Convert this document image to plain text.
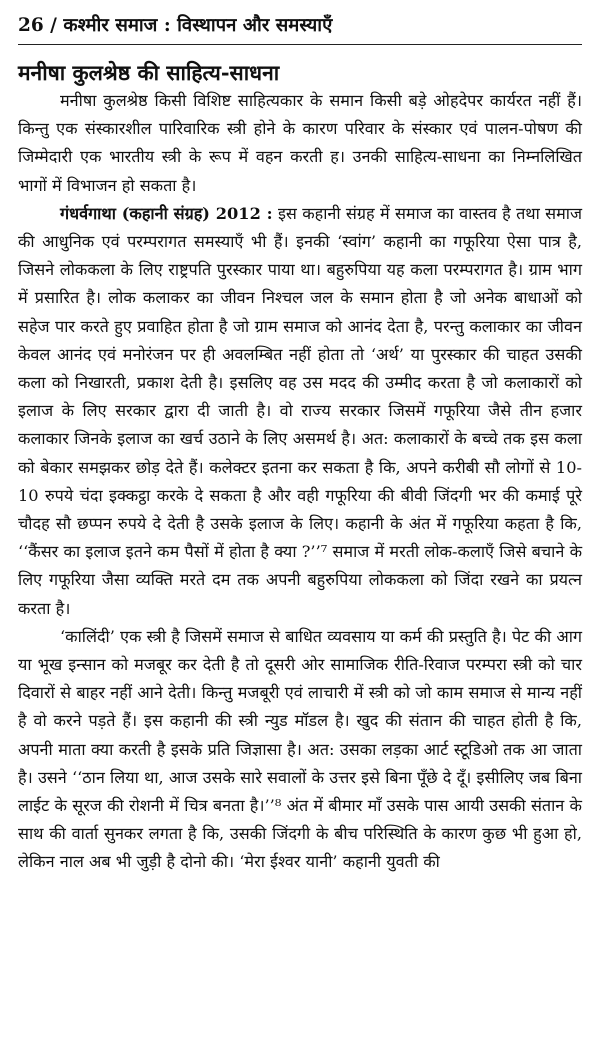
26 / कश्मीर समाज : विस्थापन और समस्याएँ
मनीषा कुलश्रेष्ठ की साहित्य-साधना

मनीषा कुलश्रेष्ठ किसी विशिष्ट साहित्यकार के समान किसी बड़े ओहदेपर कार्यरत नहीं हैं। किन्तु एक संस्कारशील पारिवारिक स्त्री होने के कारण परिवार के संस्कार एवं पालन-पोषण की जिम्मेदारी एक भारतीय स्त्री के रूप में वहन करती ह। उनकी साहित्य-साधना का निम्नलिखित भागों में विभाजन हो सकता है।

गंधर्वगाथा (कहानी संग्रह) 2012 : इस कहानी संग्रह में समाज का वास्तव है तथा समाज की आधुनिक एवं परम्परागत समस्याएँ भी हैं। इनकी ‘स्वांग’ कहानी का गफूरिया ऐसा पात्र है, जिसने लोककला के लिए राष्ट्रपति पुरस्कार पाया था। बहुरुपिया यह कला परम्परागत है। ग्राम भाग में प्रसारित है। लोक कलाकर का जीवन निश्चल जल के समान होता है जो अनेक बाधाओं को सहेज पार करते हुए प्रवाहित होता है जो ग्राम समाज को आनंद देता है, परन्तु कलाकार का जीवन केवल आनंद एवं मनोरंजन पर ही अवलम्बित नहीं होता तो ‘अर्थ’ या पुरस्कार की चाहत उसकी कला को निखारती, प्रकाश देती है। इसलिए वह उस मदद की उम्मीद करता है जो कलाकारों को इलाज के लिए सरकार द्वारा दी जाती है। वो राज्य सरकार जिसमें गफूरिया जैसे तीन हजार कलाकार जिनके इलाज का खर्च उठाने के लिए असमर्थ है। अत: कलाकारों के बच्चे तक इस कला को बेकार समझकर छोड़ देते हैं। कलेक्टर इतना कर सकता है कि, अपने करीबी सौ लोगों से 10-10 रुपये चंदा इक्कट्ठा करके दे सकता है और वही गफूरिया की बीवी जिंदगी भर की कमाई पूरे चौदह सौ छप्पन रुपये दे देती है उसके इलाज के लिए। कहानी के अंत में गफूरिया कहता है कि, ‘‘कैंसर का इलाज इतने कम पैसों में होता है क्या ?’’⁷ समाज में मरती लोक-कलाएँ जिसे बचाने के लिए गफूरिया जैसा व्यक्ति मरते दम तक अपनी बहुरुपिया लोककला को जिंदा रखने का प्रयत्न करता है।

‘कालिंदी’ एक स्त्री है जिसमें समाज से बाधित व्यवसाय या कर्म की प्रस्तुति है। पेट की आग या भूख इन्सान को मजबूर कर देती है तो दूसरी ओर सामाजिक रीति-रिवाज परम्परा स्त्री को चार दिवारों से बाहर नहीं आने देती। किन्तु मजबूरी एवं लाचारी में स्त्री को जो काम समाज से मान्य नहीं है वो करने पड़ते हैं। इस कहानी की स्त्री न्युड मॉडल है। खुद की संतान की चाहत होती है कि, अपनी माता क्या करती है इसके प्रति जिज्ञासा है। अत: उसका लड़का आर्ट स्टूडिओ तक आ जाता है। उसने ‘‘ठान लिया था, आज उसके सारे सवालों के उत्तर इसे बिना पूँछे दे दूँ। इसीलिए जब बिना लाईट के सूरज की रोशनी में चित्र बनता है।’’⁸ अंत में बीमार माँ उसके पास आयी उसकी संतान के साथ की वार्ता सुनकर लगता है कि, उसकी जिंदगी के बीच परिस्थिति के कारण कुछ भी हुआ हो, लेकिन नाल अब भी जुड़ी है दोनो की। ‘मेरा ईश्वर यानी’ कहानी युवती की
